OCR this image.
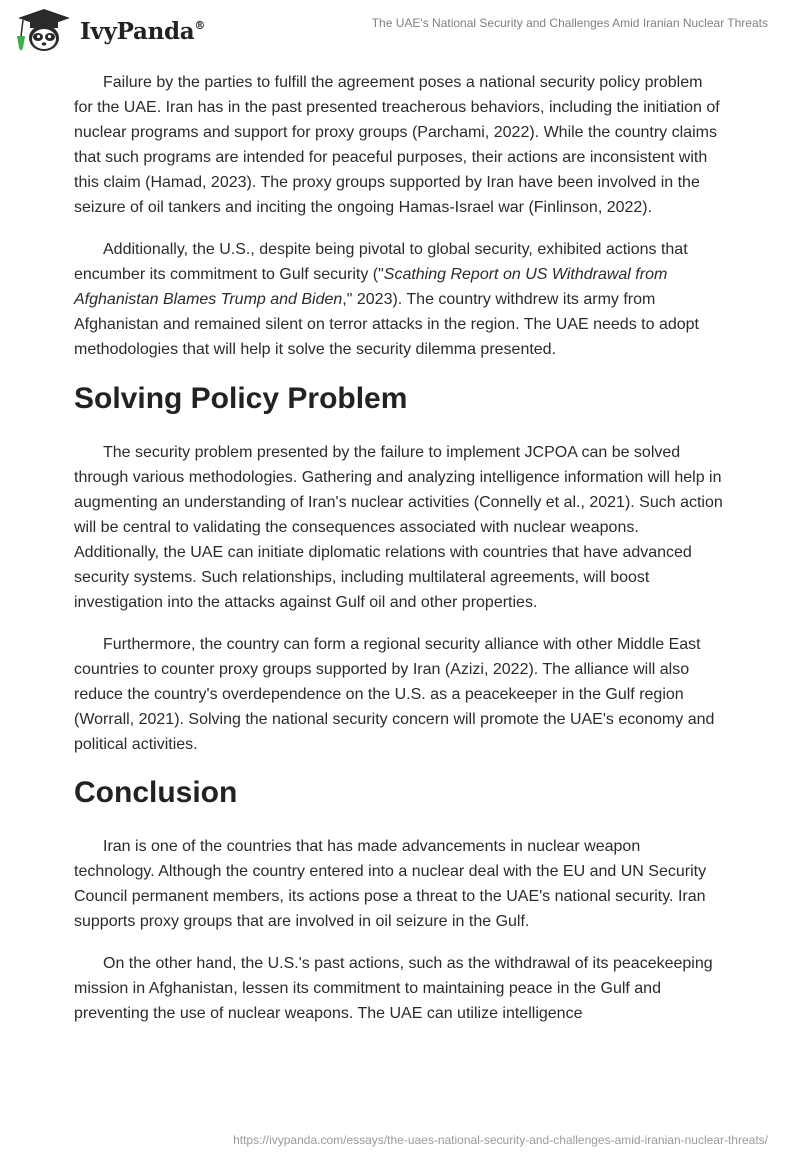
IvyPanda®	The UAE's National Security and Challenges Amid Iranian Nuclear Threats

Failure by the parties to fulfill the agreement poses a national security policy problem for the UAE. Iran has in the past presented treacherous behaviors, including the initiation of nuclear programs and support for proxy groups (Parchami, 2022). While the country claims that such programs are intended for peaceful purposes, their actions are inconsistent with this claim (Hamad, 2023). The proxy groups supported by Iran have been involved in the seizure of oil tankers and inciting the ongoing Hamas-Israel war (Finlinson, 2022).

Additionally, the U.S., despite being pivotal to global security, exhibited actions that encumber its commitment to Gulf security ("Scathing Report on US Withdrawal from Afghanistan Blames Trump and Biden," 2023). The country withdrew its army from Afghanistan and remained silent on terror attacks in the region. The UAE needs to adopt methodologies that will help it solve the security dilemma presented.

Solving Policy Problem

The security problem presented by the failure to implement JCPOA can be solved through various methodologies. Gathering and analyzing intelligence information will help in augmenting an understanding of Iran's nuclear activities (Connelly et al., 2021). Such action will be central to validating the consequences associated with nuclear weapons. Additionally, the UAE can initiate diplomatic relations with countries that have advanced security systems. Such relationships, including multilateral agreements, will boost investigation into the attacks against Gulf oil and other properties.

Furthermore, the country can form a regional security alliance with other Middle East countries to counter proxy groups supported by Iran (Azizi, 2022). The alliance will also reduce the country's overdependence on the U.S. as a peacekeeper in the Gulf region (Worrall, 2021). Solving the national security concern will promote the UAE's economy and political activities.

Conclusion

Iran is one of the countries that has made advancements in nuclear weapon technology. Although the country entered into a nuclear deal with the EU and UN Security Council permanent members, its actions pose a threat to the UAE's national security. Iran supports proxy groups that are involved in oil seizure in the Gulf.

On the other hand, the U.S.'s past actions, such as the withdrawal of its peacekeeping mission in Afghanistan, lessen its commitment to maintaining peace in the Gulf and preventing the use of nuclear weapons. The UAE can utilize intelligence

https://ivypanda.com/essays/the-uaes-national-security-and-challenges-amid-iranian-nuclear-threats/
